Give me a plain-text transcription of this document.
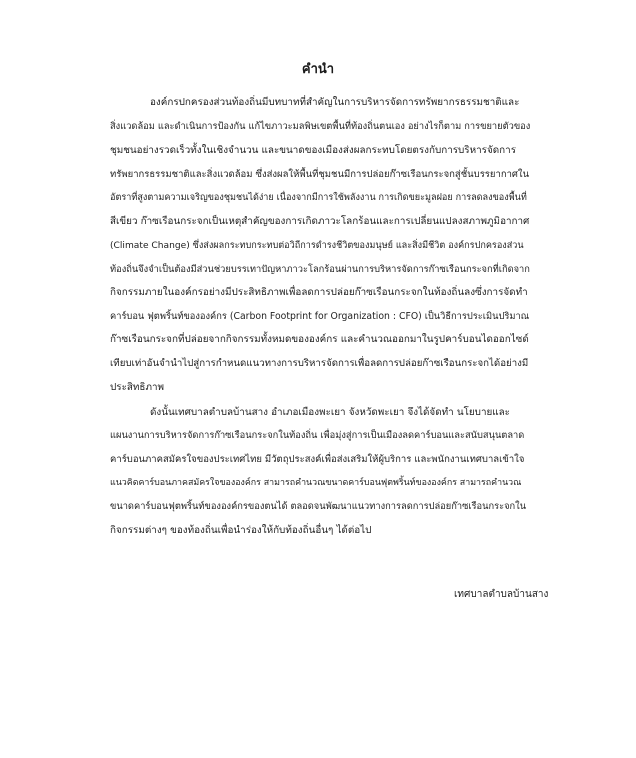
คำนำ
องค์กรปกครองส่วนท้องถิ่นมีบทบาทที่สำคัญในการบริหารจัดการทรัพยากรธรรมชาติและ
สิ่งแวดล้อม และดำเนินการป้องกัน แก้ไขภาวะมลพิษเขตพื้นที่ท้องถิ่นตนเอง อย่างไรก็ตาม การขยายตัวของ
ชุมชนอย่างรวดเร็วทั้งในเชิงจำนวน และขนาดของเมืองส่งผลกระทบโดยตรงกับการบริหารจัดการ
ทรัพยากรธรรมชาติและสิ่งแวดล้อม ซึ่งส่งผลให้พื้นที่ชุมชนมีการปล่อยก๊าซเรือนกระจกสู่ชั้นบรรยากาศใน
อัตราที่สูงตามความเจริญของชุมชนได้ง่าย เนื่องจากมีการใช้พลังงาน การเกิดขยะมูลฝอย การลดลงของพื้นที่
สีเขียว ก๊าซเรือนกระจกเป็นเหตุสำคัญของการเกิดภาวะโลกร้อนและการเปลี่ยนแปลงสภาพภูมิอากาศ
(Climate Change) ซึ่งส่งผลกระทบกระทบต่อวิถีการดำรงชีวิตของมนุษย์ และสิ่งมีชีวิต องค์กรปกครองส่วน
ท้องถิ่นจึงจำเป็นต้องมีส่วนช่วยบรรเทาปัญหาภาวะโลกร้อนผ่านการบริหารจัดการก๊าซเรือนกระจกที่เกิดจาก
กิจกรรมภายในองค์กรอย่างมีประสิทธิภาพเพื่อลดการปล่อยก๊าซเรือนกระจกในท้องถิ่นลงซึ่งการจัดทำ
คาร์บอน ฟุตพริ้นท์ขององค์กร (Carbon Footprint for Organization : CFO) เป็นวิธีการประเมินปริมาณ
ก๊าซเรือนกระจกที่ปล่อยจากกิจกรรมทั้งหมดขององค์กร และคำนวณออกมาในรูปคาร์บอนไดออกไซด์
เทียบเท่าอันจำนำไปสู่การกำหนดแนวทางการบริหารจัดการเพื่อลดการปล่อยก๊าซเรือนกระจกได้อย่างมี
ประสิทธิภาพ
ดังนั้นเทศบาลตำบลบ้านสาง อำเภอเมืองพะเยา จังหวัดพะเยา จึงได้จัดทำ นโยบายและ
แผนงานการบริหารจัดการก๊าซเรือนกระจกในท้องถิ่น เพื่อมุ่งสู่การเป็นเมืองลดคาร์บอนและสนับสนุนตลาด
คาร์บอนภาคสมัครใจของประเทศไทย มีวัตถุประสงค์เพื่อส่งเสริมให้ผู้บริการ และพนักงานเทศบาลเข้าใจ
แนวคิดคาร์บอนภาคสมัครใจขององค์กร สามารถคำนวณขนาดคาร์บอนฟุตพริ้นท์ขององค์กร สามารถคำนวณ
ขนาดคาร์บอนฟุตพริ้นท์ขององค์กรของตนได้ ตลอดจนพัฒนาแนวทางการลดการปล่อยก๊าซเรือนกระจกใน
กิจกรรมต่างๆ ของท้องถิ่นเพื่อนำร่องให้กับท้องถิ่นอื่นๆ ได้ต่อไป
เทศบาลตำบลบ้านสาง
